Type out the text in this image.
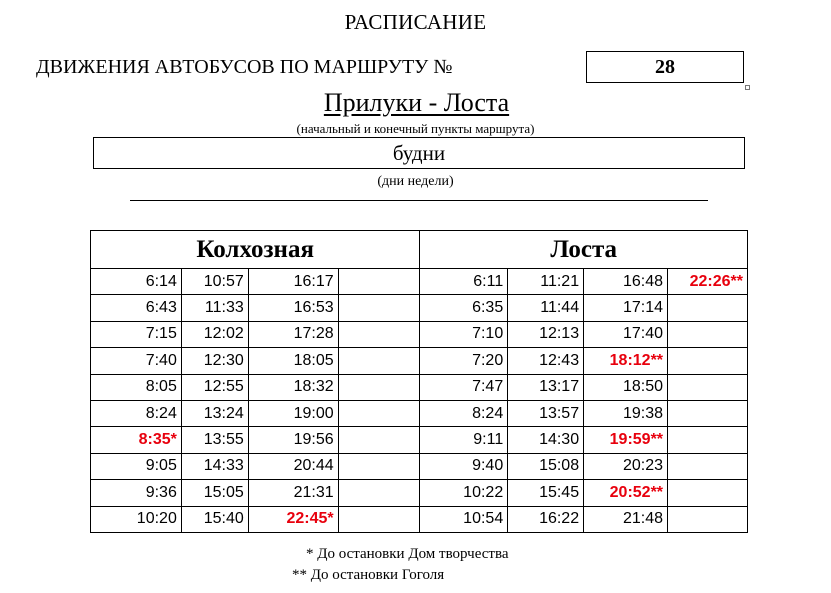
РАСПИСАНИЕ
ДВИЖЕНИЯ АВТОБУСОВ ПО МАРШРУТУ №	28
Прилуки - Лоста
(начальный и конечный пункты маршрута)
будни
(дни недели)
Колхозная				Лоста			
6:14	10:57	16:17		6:11	11:21	16:48	22:26**
6:43	11:33	16:53		6:35	11:44	17:14	
7:15	12:02	17:28		7:10	12:13	17:40	
7:40	12:30	18:05		7:20	12:43	18:12**	
8:05	12:55	18:32		7:47	13:17	18:50	
8:24	13:24	19:00		8:24	13:57	19:38	
8:35*	13:55	19:56		9:11	14:30	19:59**	
9:05	14:33	20:44		9:40	15:08	20:23	
9:36	15:05	21:31		10:22	15:45	20:52**	
10:20	15:40	22:45*		10:54	16:22	21:48	
* До остановки Дом творчества
** До остановки Гоголя
